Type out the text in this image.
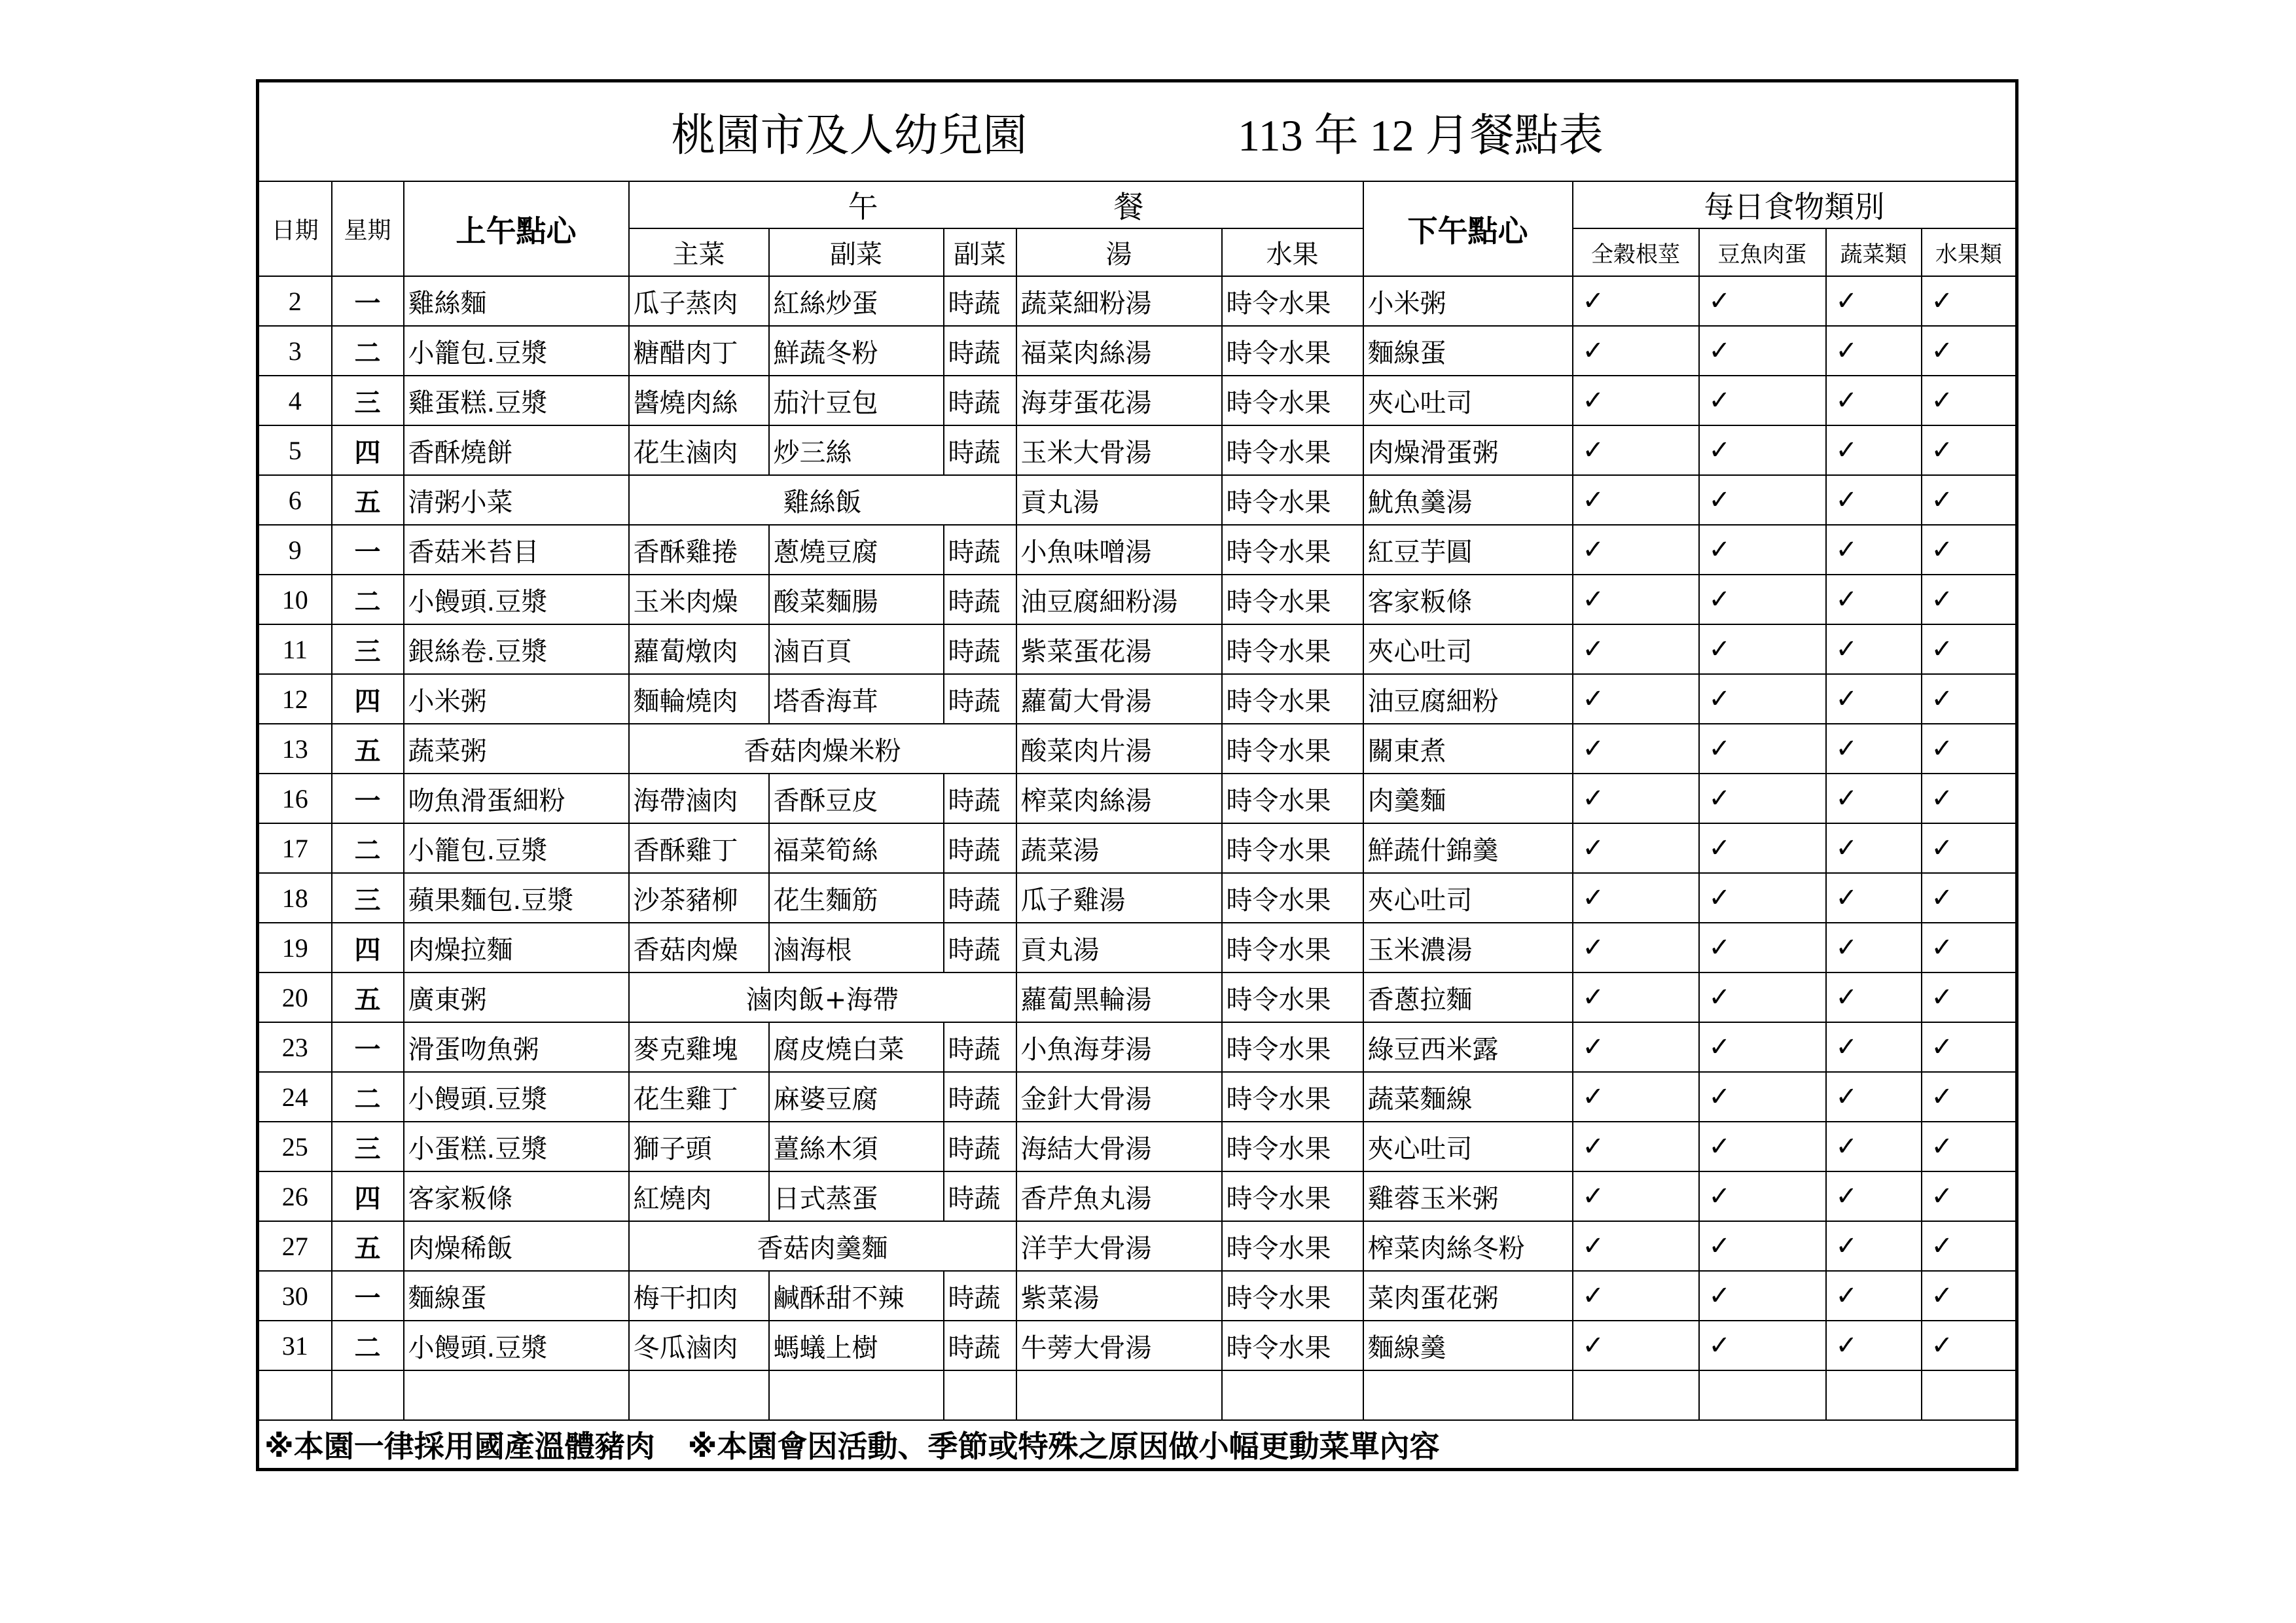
桃園市及人幼兒園 113 年 12 月餐點表												
日期	星期	上午點心	午 餐					下午點心	每日食物類別			
			主菜	副菜	副菜	湯	水果		全穀根莖	豆魚肉蛋	蔬菜類	水果類
2	一	雞絲麵	瓜子蒸肉	紅絲炒蛋	時蔬	蔬菜細粉湯	時令水果	小米粥	✓	✓	✓	✓
3	二	小籠包.豆漿	糖醋肉丁	鮮蔬冬粉	時蔬	福菜肉絲湯	時令水果	麵線蛋	✓	✓	✓	✓
4	三	雞蛋糕.豆漿	醬燒肉絲	茄汁豆包	時蔬	海芽蛋花湯	時令水果	夾心吐司	✓	✓	✓	✓
5	四	香酥燒餅	花生滷肉	炒三絲	時蔬	玉米大骨湯	時令水果	肉燥滑蛋粥	✓	✓	✓	✓
6	五	清粥小菜	雞絲飯			貢丸湯	時令水果	魷魚羹湯	✓	✓	✓	✓
9	一	香菇米苔目	香酥雞捲	蔥燒豆腐	時蔬	小魚味噌湯	時令水果	紅豆芋圓	✓	✓	✓	✓
10	二	小饅頭.豆漿	玉米肉燥	酸菜麵腸	時蔬	油豆腐細粉湯	時令水果	客家粄條	✓	✓	✓	✓
11	三	銀絲卷.豆漿	蘿蔔燉肉	滷百頁	時蔬	紫菜蛋花湯	時令水果	夾心吐司	✓	✓	✓	✓
12	四	小米粥	麵輪燒肉	塔香海茸	時蔬	蘿蔔大骨湯	時令水果	油豆腐細粉	✓	✓	✓	✓
13	五	蔬菜粥	香菇肉燥米粉			酸菜肉片湯	時令水果	關東煮	✓	✓	✓	✓
16	一	吻魚滑蛋細粉	海帶滷肉	香酥豆皮	時蔬	榨菜肉絲湯	時令水果	肉羹麵	✓	✓	✓	✓
17	二	小籠包.豆漿	香酥雞丁	福菜筍絲	時蔬	蔬菜湯	時令水果	鮮蔬什錦羹	✓	✓	✓	✓
18	三	蘋果麵包.豆漿	沙茶豬柳	花生麵筋	時蔬	瓜子雞湯	時令水果	夾心吐司	✓	✓	✓	✓
19	四	肉燥拉麵	香菇肉燥	滷海根	時蔬	貢丸湯	時令水果	玉米濃湯	✓	✓	✓	✓
20	五	廣東粥	滷肉飯+海帶			蘿蔔黑輪湯	時令水果	香蔥拉麵	✓	✓	✓	✓
23	一	滑蛋吻魚粥	麥克雞塊	腐皮燒白菜	時蔬	小魚海芽湯	時令水果	綠豆西米露	✓	✓	✓	✓
24	二	小饅頭.豆漿	花生雞丁	麻婆豆腐	時蔬	金針大骨湯	時令水果	蔬菜麵線	✓	✓	✓	✓
25	三	小蛋糕.豆漿	獅子頭	薑絲木須	時蔬	海結大骨湯	時令水果	夾心吐司	✓	✓	✓	✓
26	四	客家粄條	紅燒肉	日式蒸蛋	時蔬	香芹魚丸湯	時令水果	雞蓉玉米粥	✓	✓	✓	✓
27	五	肉燥稀飯	香菇肉羹麵			洋芋大骨湯	時令水果	榨菜肉絲冬粉	✓	✓	✓	✓
30	一	麵線蛋	梅干扣肉	鹹酥甜不辣	時蔬	紫菜湯	時令水果	菜肉蛋花粥	✓	✓	✓	✓
31	二	小饅頭.豆漿	冬瓜滷肉	螞蟻上樹	時蔬	牛蒡大骨湯	時令水果	麵線羹	✓	✓	✓	✓

※本園一律採用國產溫體豬肉 ※本園會因活動、季節或特殊之原因做小幅更動菜單內容												
